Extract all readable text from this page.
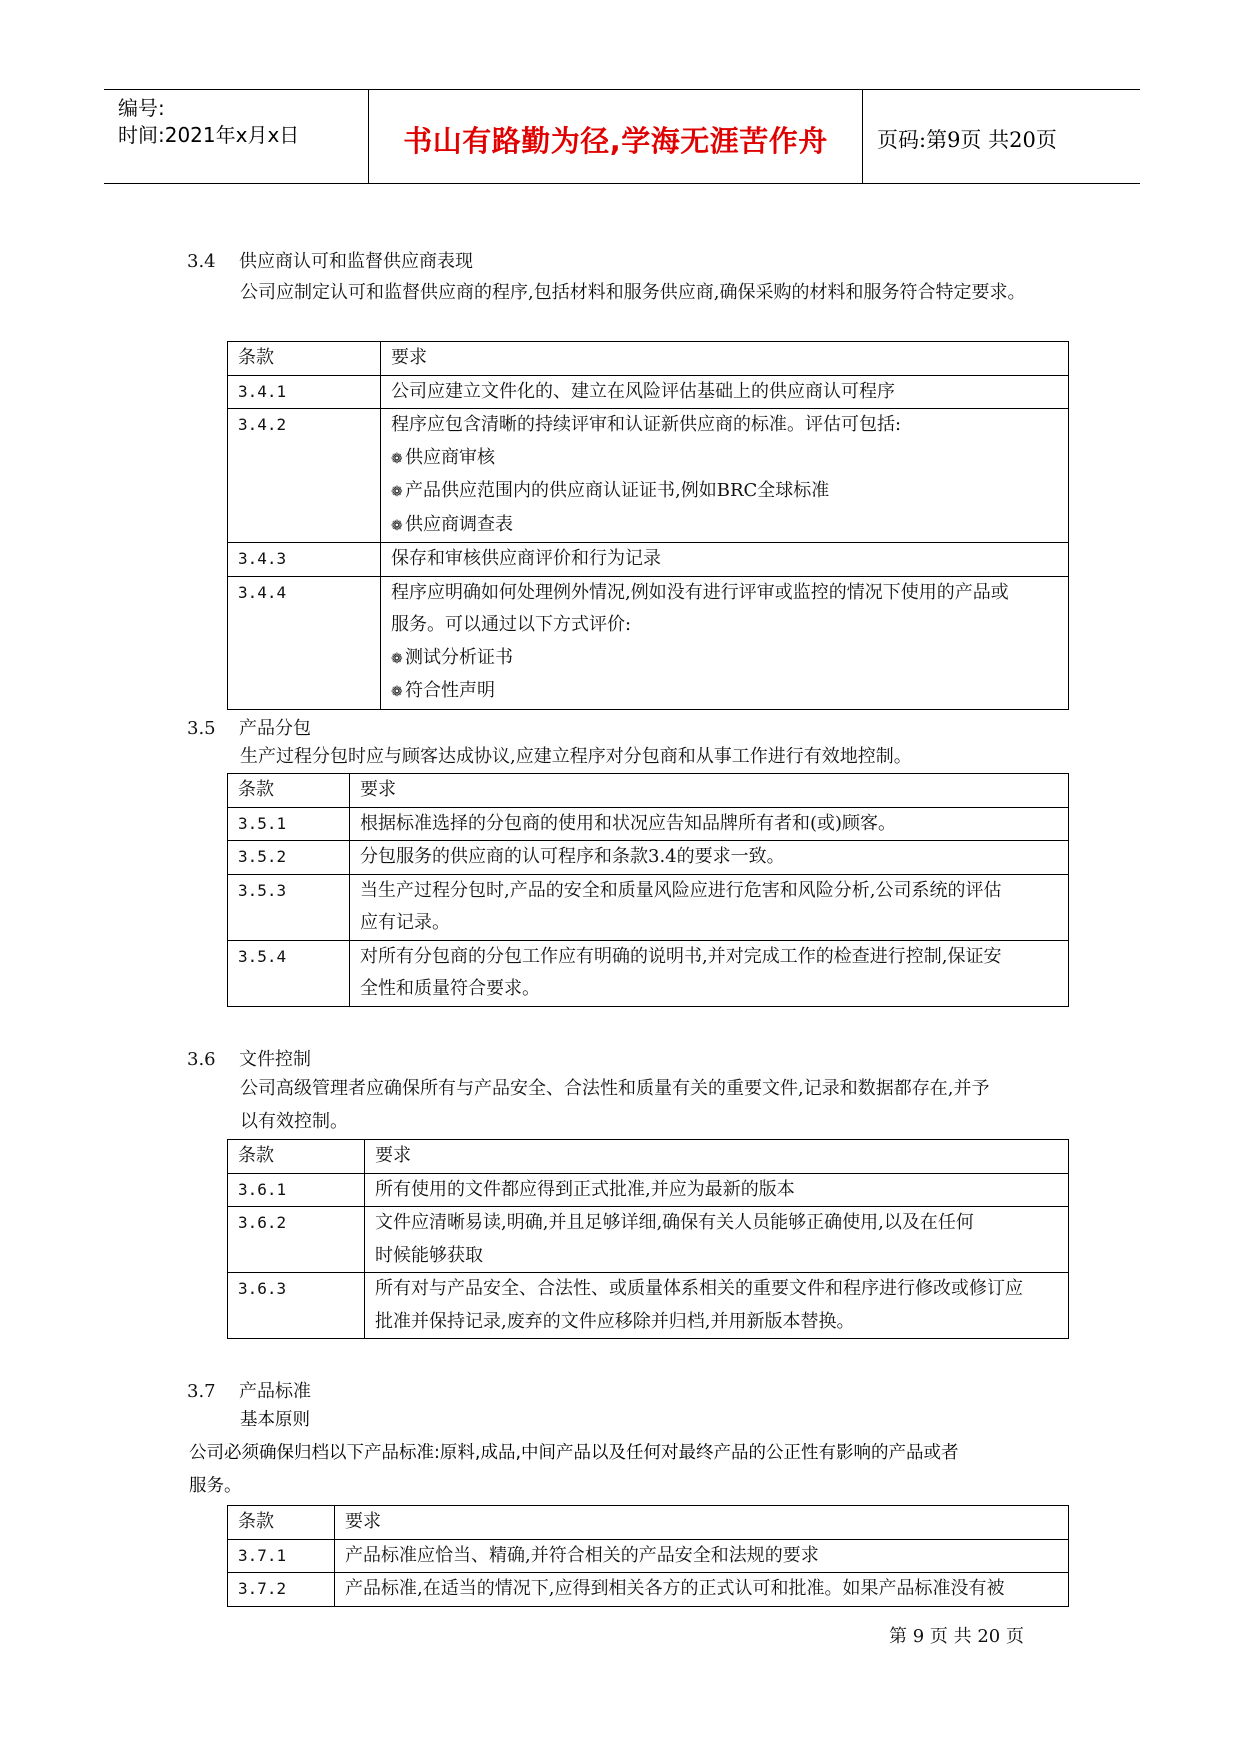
编号:
时间:2021年x月x日	书山有路勤为径,学海无涯苦作舟	页码:第9页 共20页
3.4 供应商认可和监督供应商表现
公司应制定认可和监督供应商的程序,包括材料和服务供应商,确保采购的材料和服务符合特定要求。
条款	要求
3.4.1	公司应建立文件化的、建立在风险评估基础上的供应商认可程序

3.4.2	程序应包含清晰的持续评审和认证新供应商的标准。评估可包括:
❁ 供应商审核
❁ 产品供应范围内的供应商认证证书,例如BRC全球标准
❁ 供应商调查表

3.4.3	保存和审核供应商评价和行为记录

3.4.4	程序应明确如何处理例外情况,例如没有进行评审或监控的情况下使用的产品或
服务。可以通过以下方式评价:
❁ 测试分析证书
❁ 符合性声明
3.5 产品分包
生产过程分包时应与顾客达成协议,应建立程序对分包商和从事工作进行有效地控制。
条款	要求
3.5.1	根据标准选择的分包商的使用和状况应告知品牌所有者和(或)顾客。

3.5.2	分包服务的供应商的认可程序和条款3.4的要求一致。

3.5.3	当生产过程分包时,产品的安全和质量风险应进行危害和风险分析,公司系统的评估
应有记录。

3.5.4	对所有分包商的分包工作应有明确的说明书,并对完成工作的检查进行控制,保证安
全性和质量符合要求。
3.6 文件控制
公司高级管理者应确保所有与产品安全、合法性和质量有关的重要文件,记录和数据都存在,并予
以有效控制。
条款	要求
3.6.1	所有使用的文件都应得到正式批准,并应为最新的版本

3.6.2	文件应清晰易读,明确,并且足够详细,确保有关人员能够正确使用,以及在任何
时候能够获取

3.6.3	所有对与产品安全、合法性、或质量体系相关的重要文件和程序进行修改或修订应
批准并保持记录,废弃的文件应移除并归档,并用新版本替换。
3.7 产品标准
基本原则
公司必须确保归档以下产品标准:原料,成品,中间产品以及任何对最终产品的公正性有影响的产品或者
服务。
条款	要求
3.7.1	产品标准应恰当、精确,并符合相关的产品安全和法规的要求

3.7.2	产品标准,在适当的情况下,应得到相关各方的正式认可和批准。如果产品标准没有被
第 9 页 共 20 页
